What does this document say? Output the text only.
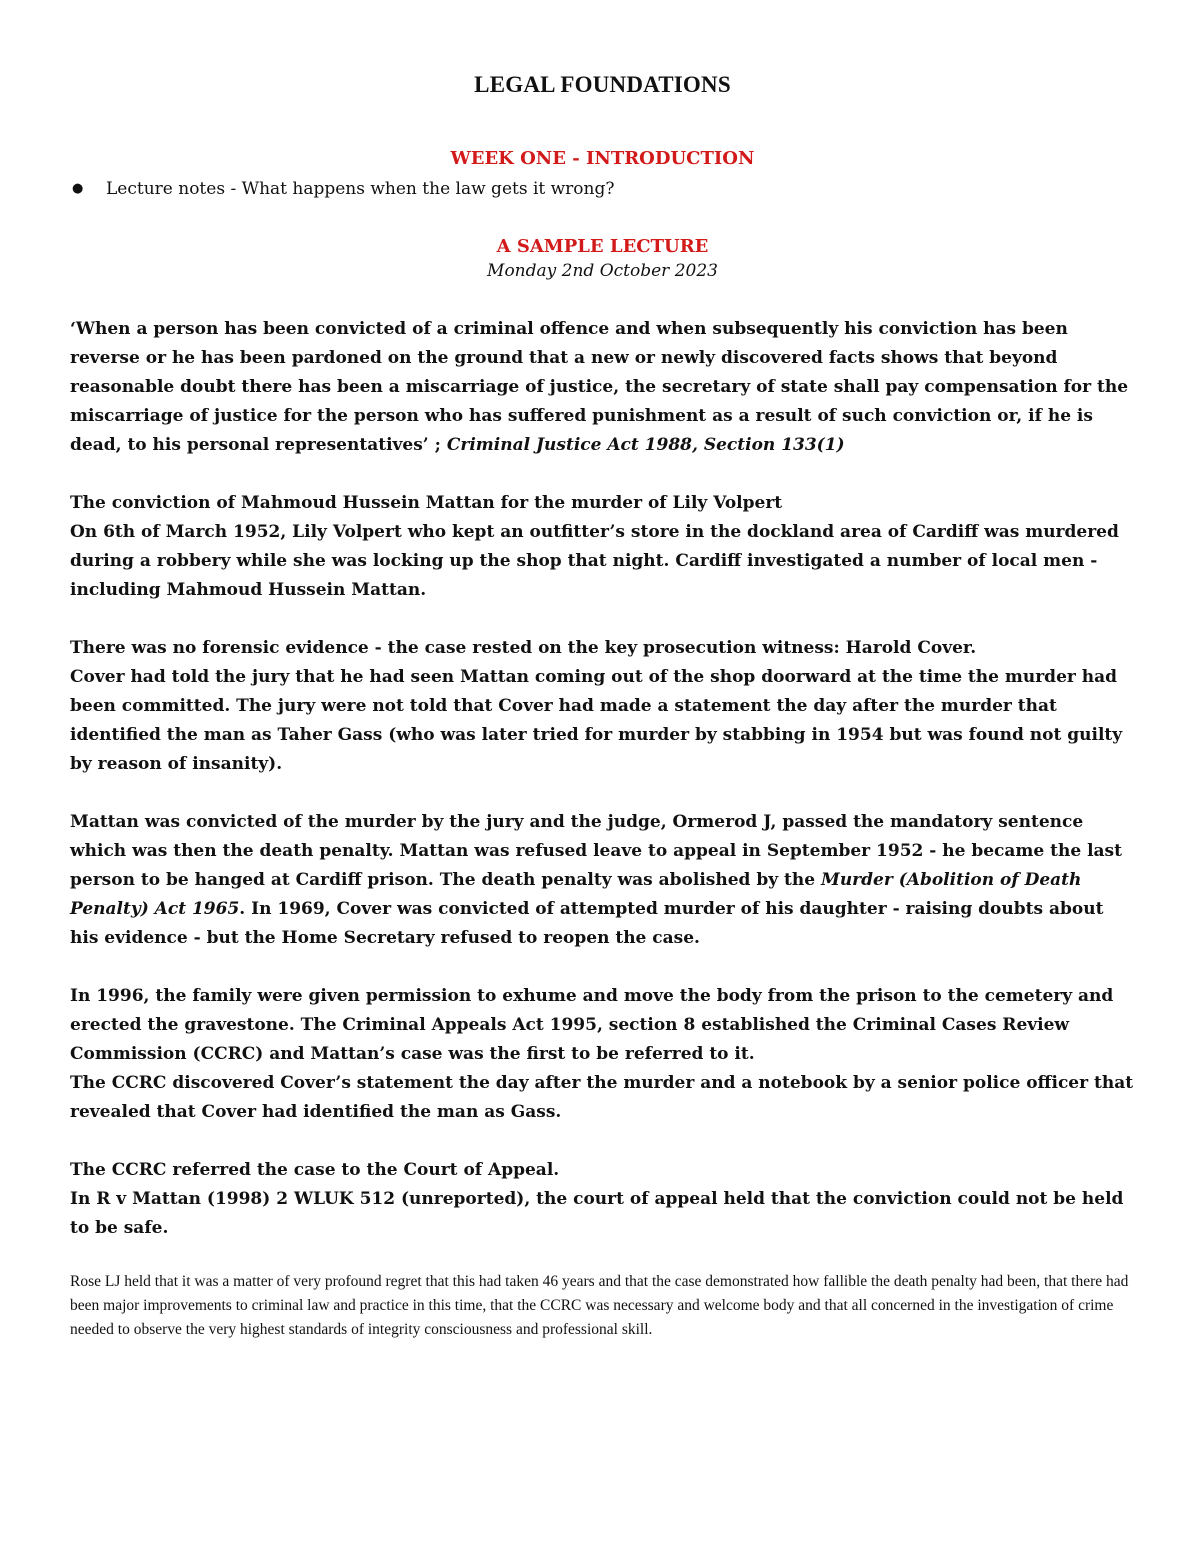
LEGAL FOUNDATIONS
WEEK ONE - INTRODUCTION
● Lecture notes - What happens when the law gets it wrong?
A SAMPLE LECTURE

Monday 2nd October 2023

‘When a person has been convicted of a criminal offence and when subsequently his conviction has been reverse or he has been pardoned on the ground that a new or newly discovered facts shows that beyond reasonable doubt there has been a miscarriage of justice, the secretary of state shall pay compensation for the miscarriage of justice for the person who has suffered punishment as a result of such conviction or, if he is dead, to his personal representatives’ ; Criminal Justice Act 1988, Section 133(1)

The conviction of Mahmoud Hussein Mattan for the murder of Lily Volpert

On 6th of March 1952, Lily Volpert who kept an outfitter’s store in the dockland area of Cardiff was murdered during a robbery while she was locking up the shop that night. Cardiff investigated a number of local men - including Mahmoud Hussein Mattan.

There was no forensic evidence - the case rested on the key prosecution witness: Harold Cover.

Cover had told the jury that he had seen Mattan coming out of the shop doorward at the time the murder had been committed. The jury were not told that Cover had made a statement the day after the murder that identified the man as Taher Gass (who was later tried for murder by stabbing in 1954 but was found not guilty by reason of insanity).

Mattan was convicted of the murder by the jury and the judge, Ormerod J, passed the mandatory sentence which was then the death penalty. Mattan was refused leave to appeal in September 1952 - he became the last person to be hanged at Cardiff prison. The death penalty was abolished by the Murder (Abolition of Death Penalty) Act 1965. In 1969, Cover was convicted of attempted murder of his daughter - raising doubts about his evidence - but the Home Secretary refused to reopen the case.

In 1996, the family were given permission to exhume and move the body from the prison to the cemetery and erected the gravestone. The Criminal Appeals Act 1995, section 8 established the Criminal Cases Review Commission (CCRC) and Mattan’s case was the first to be referred to it.

The CCRC discovered Cover’s statement the day after the murder and a notebook by a senior police officer that revealed that Cover had identified the man as Gass.

The CCRC referred the case to the Court of Appeal.

In R v Mattan (1998) 2 WLUK 512 (unreported), the court of appeal held that the conviction could not be held to be safe.

Rose LJ held that it was a matter of very profound regret that this had taken 46 years and that the case demonstrated how fallible the death penalty had been, that there had been major improvements to criminal law and practice in this time, that the CCRC was necessary and welcome body and that all concerned in the investigation of crime needed to observe the very highest standards of integrity consciousness and professional skill.
